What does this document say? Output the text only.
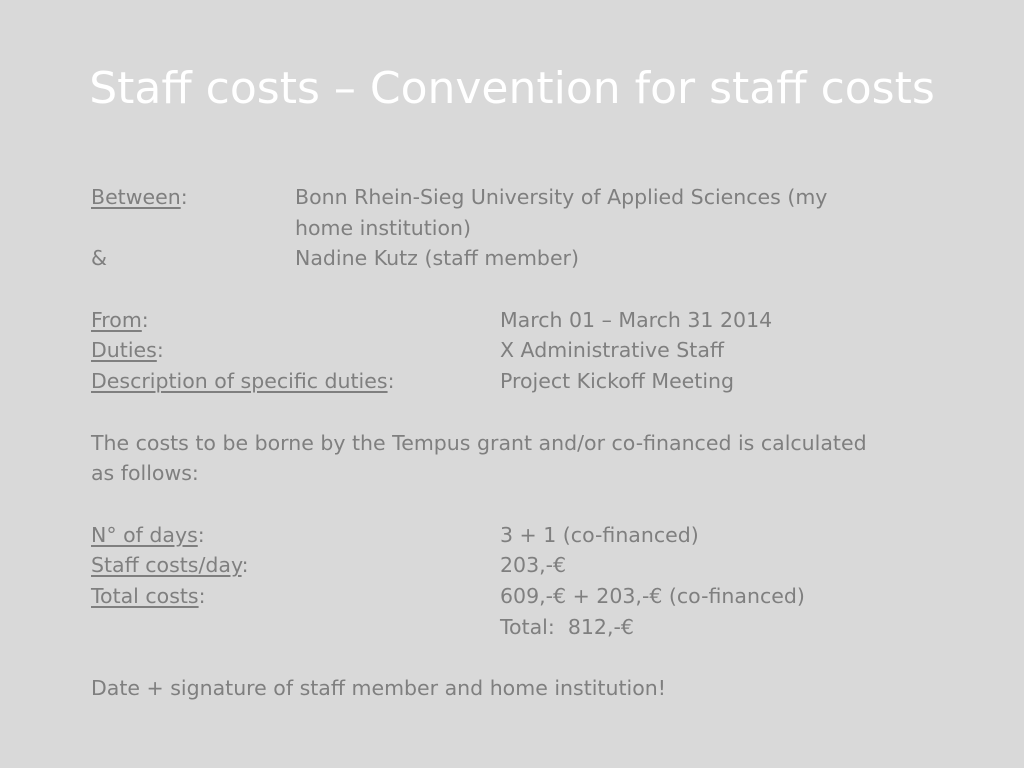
Staff costs – Convention for staff costs
Between:	Bonn Rhein-Sieg University of Applied Sciences (my home institution)
&	Nadine Kutz (staff member)
From:	March 01 – March 31 2014
Duties:	X Administrative Staff
Description of specific duties:	Project Kickoff Meeting
The costs to be borne by the Tempus grant and/or co-financed is calculated as follows:
N° of days:	3 + 1 (co-financed)
Staff costs/day:	203,-€
Total costs:	609,-€ + 203,-€ (co-financed)
Total:  812,-€
Date + signature of staff member and home institution!
